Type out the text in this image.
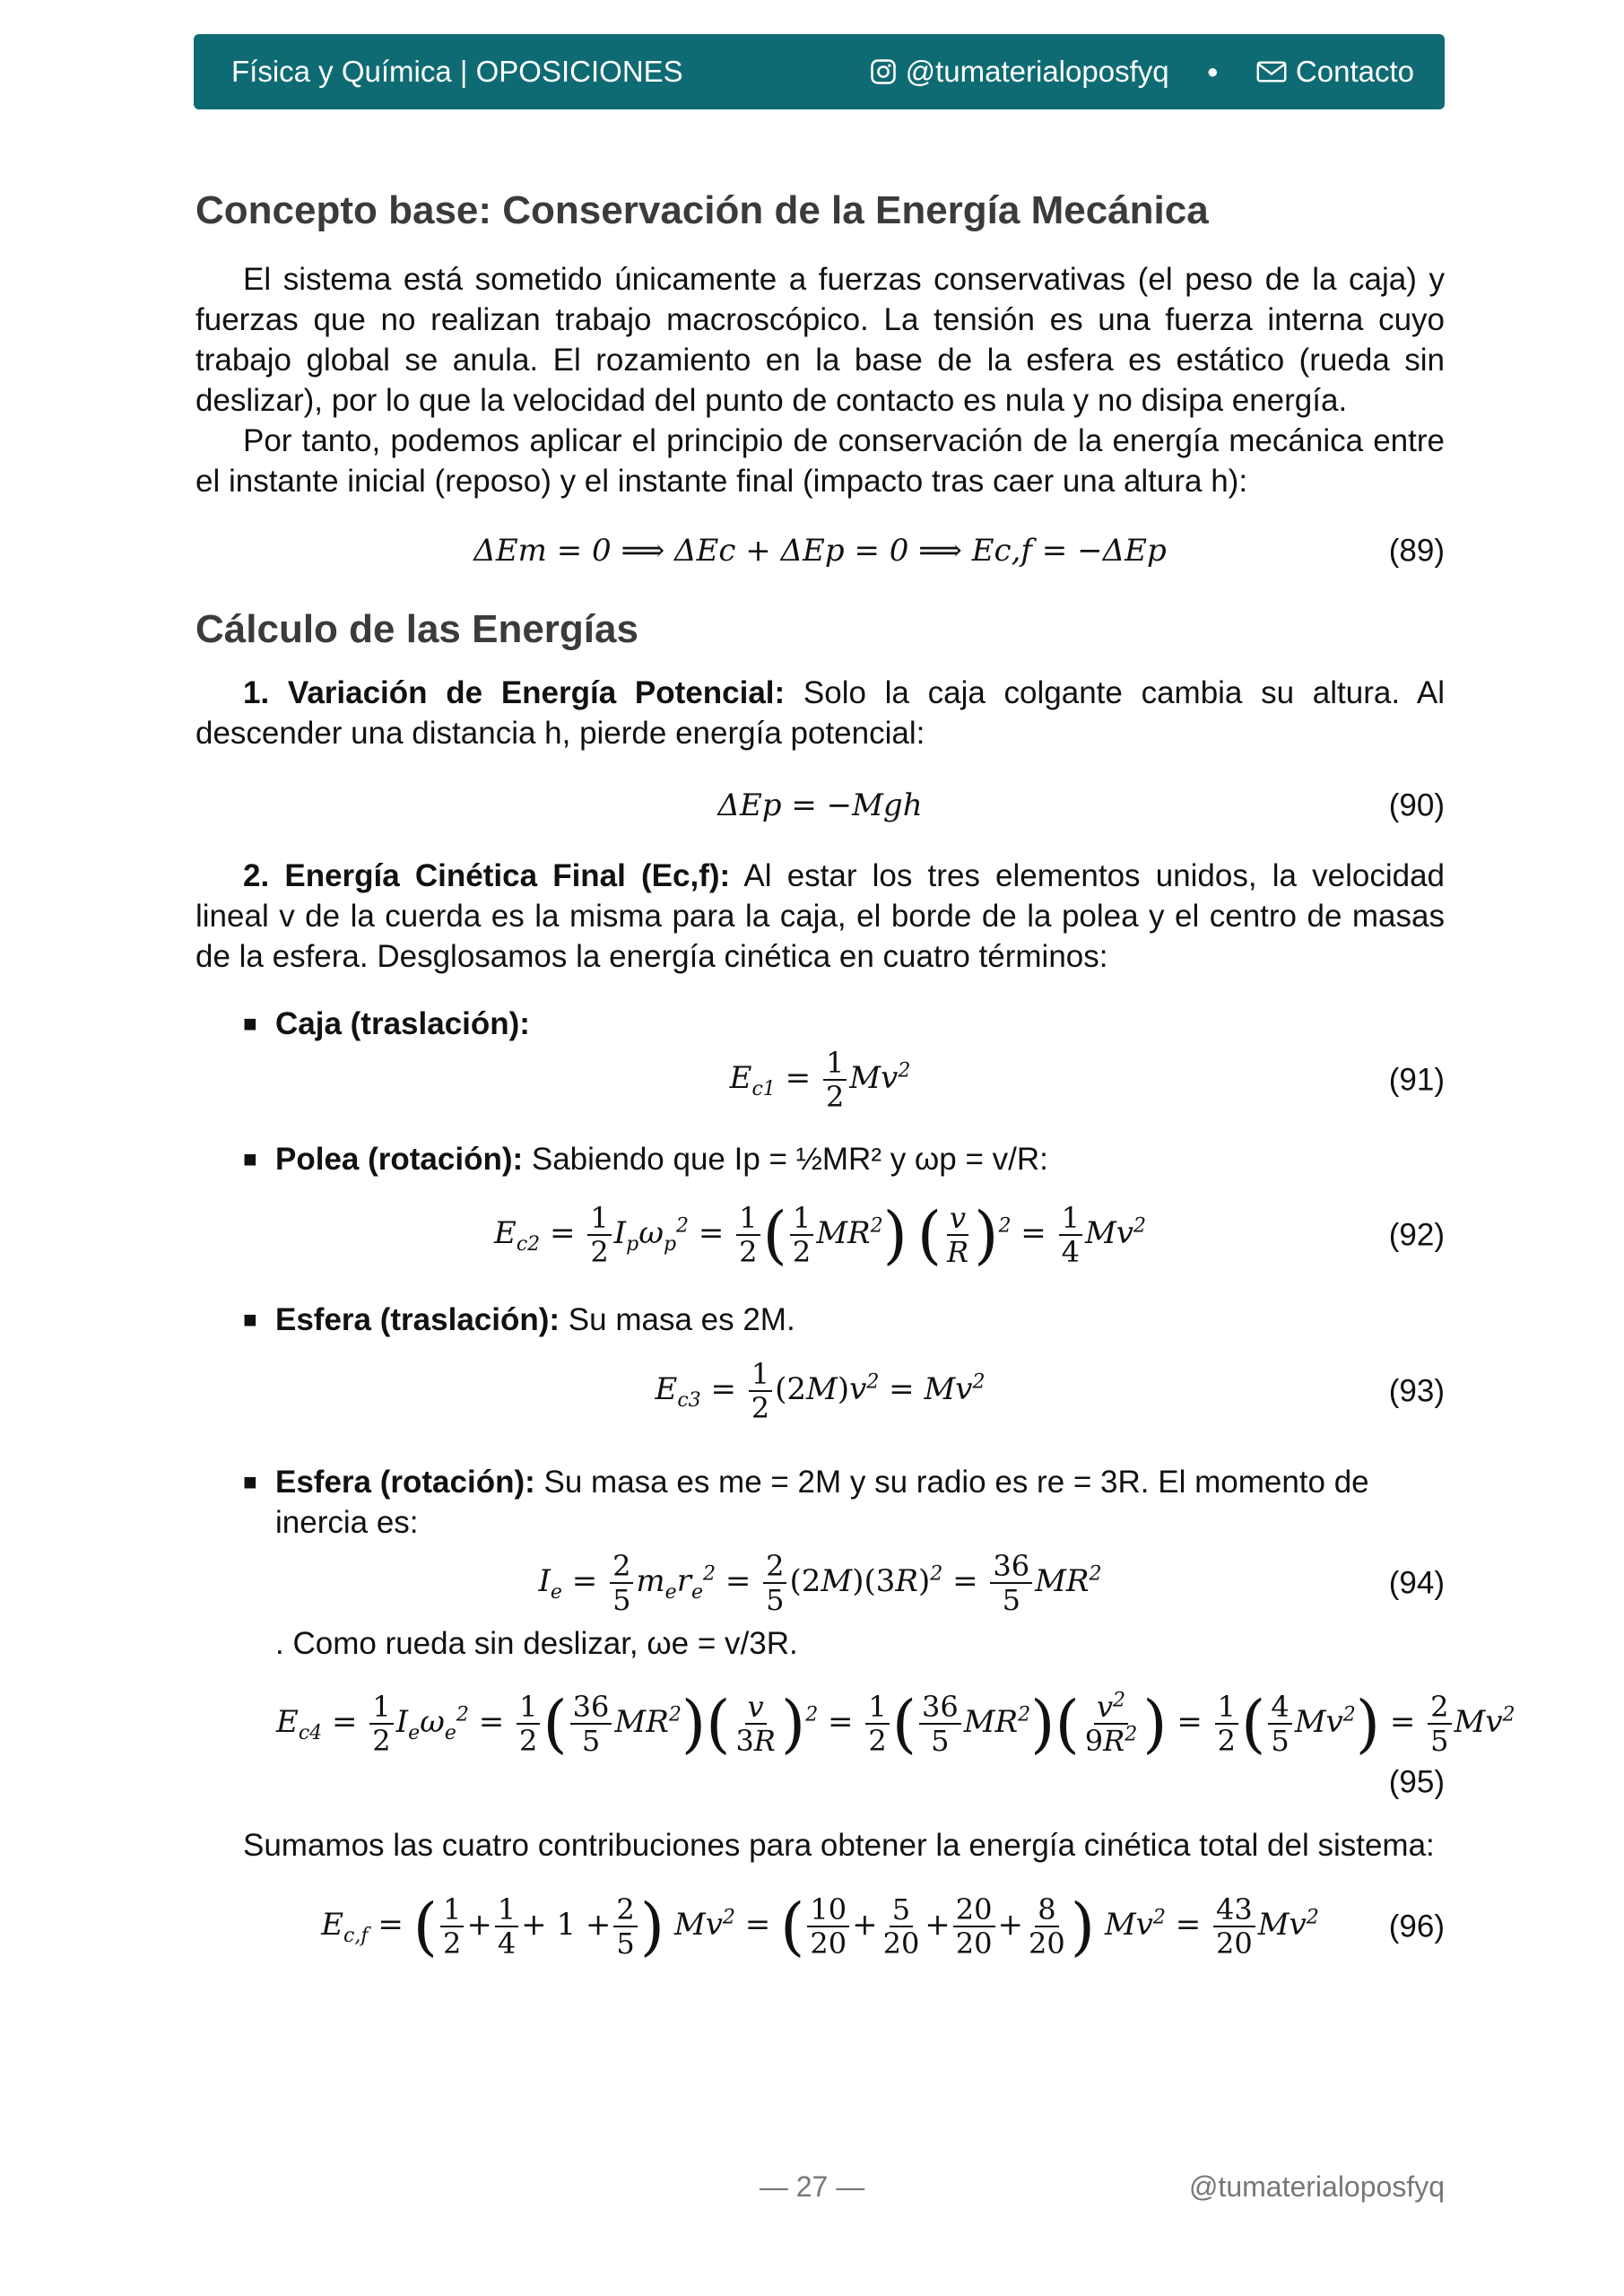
Física y Química | OPOSICIONES	@tumaterialoposfyq ●	Contacto
Concepto base: Conservación de la Energía Mecánica

El sistema está sometido únicamente a fuerzas conservativas (el peso de la caja) y fuerzas que no realizan trabajo macroscópico. La tensión es una fuerza interna cuyo trabajo global se anula. El rozamiento en la base de la esfera es estático (rueda sin deslizar), por lo que la velocidad del punto de contacto es nula y no disipa energía.

Por tanto, podemos aplicar el principio de conservación de la energía mecánica entre el instante inicial (reposo) y el instante final (impacto tras caer una altura h):

ΔEm = 0 ⟹ ΔEc + ΔEp = 0 ⟹ Ec,f = −ΔEp	(89)
Cálculo de las Energías

1. Variación de Energía Potencial: Solo la caja colgante cambia su altura. Al descender una distancia h, pierde energía potencial:

ΔEp = −Mgh	(90)

2. Energía Cinética Final (Ec,f): Al estar los tres elementos unidos, la velocidad lineal v de la cuerda es la misma para la caja, el borde de la polea y el centro de masas de la esfera. Desglosamos la energía cinética en cuatro términos:

■ Caja (traslación):
$E_{c1} = \frac{1}{2} Mv^2$	(91)
■ Polea (rotación): Sabiendo que Ip = ½MR² y ωp = v/R:
$E_{c2} = \frac{1}{2} I_p\omega_p^2 = \frac{1}{2}$ ( $\frac{1}{2} MR^2$) ( $\frac{v}{R} )^2 = \frac{1}{4} Mv^2$	(92)
■ Esfera (traslación): Su masa es 2M.
$E_{c3} = \frac{1}{2} (2M)v^2 = Mv^2$	(93)
■ Esfera (rotación): Su masa es me = 2M y su radio es re = 3R. El momento de inercia es:
$I_e = \frac{2}{5} m_er_e^2 = \frac{2}{5} (2M)(3R)^2 = \frac{36}{5} MR^2$	(94)

. Como rueda sin deslizar, ωe = v/3R.

$E_{c4} = \frac{1}{2} I_e\omega_e^2 = \frac{1}{2}$ ( $\frac{36}{5} MR^2)( \frac{v}{3R} )^2 = \frac{1}{2}$ ( $\frac{36}{5} MR^2)( \frac{v^2}{9R^2}$ ) = $\frac{1}{2}$ ( $\frac{4}{5} Mv^2) = \frac{2}{5} Mv^2$
(95)

Sumamos las cuatro contribuciones para obtener la energía cinética total del sistema:

$E_{c,f}$ = ( $\frac{1}{2} + \frac{1}{4} + 1 + \frac{2}{5}$ ) $Mv^2$ = ( $\frac{10}{20} + \frac{5}{20} + \frac{20}{20} + \frac{8}{20}$ ) $Mv^2 = \frac{43}{20} Mv^2$ (96)
— 27 —	@tumaterialoposfyq
